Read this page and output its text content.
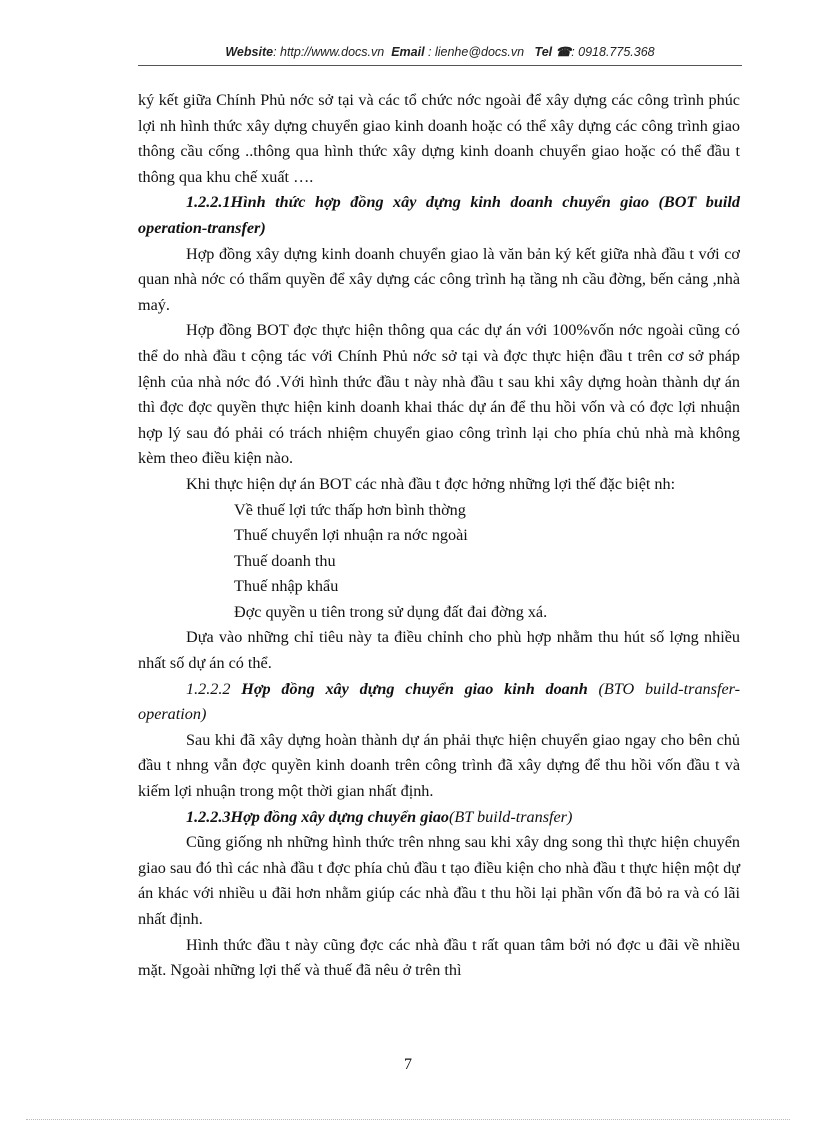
Website: http://www.docs.vn Email : lienhe@docs.vn Tel ☎: 0918.775.368

ký kết giữa Chính Phủ nớc sở tại và các tổ chức nớc ngoài để xây dựng các công trình phúc lợi nh hình thức xây dựng chuyển giao kinh doanh hoặc có thể xây dựng các công trình giao thông cầu cống ..thông qua hình thức xây dựng kinh doanh chuyển giao hoặc có thể đầu t thông qua khu chế xuất ….

1.2.2.1Hình thức hợp đồng xây dựng kinh doanh chuyển giao (BOT build operation-transfer)

Hợp đồng xây dựng kinh doanh chuyển giao là văn bản ký kết giữa nhà đầu t với cơ quan nhà nớc có thẩm quyền để xây dựng các công trình hạ tầng nh cầu đờng, bến cảng ,nhà maý.

Hợp đồng BOT đợc thực hiện thông qua các dự án với 100%vốn nớc ngoài cũng có thể do nhà đầu t cộng tác với Chính Phủ nớc sở tại và đợc thực hiện đầu t trên cơ sở pháp lệnh của nhà nớc đó .Với hình thức đầu t này nhà đầu t sau khi xây dựng hoàn thành dự án thì đợc đợc quyền thực hiện kinh doanh khai thác dự án để thu hồi vốn và có đợc lợi nhuận hợp lý sau đó phải có trách nhiệm chuyển giao công trình lại cho phía chủ nhà mà không kèm theo điều kiện nào.

Khi thực hiện dự án BOT các nhà đầu t đợc hởng những lợi thế đặc biệt nh:

Về thuế lợi tức thấp hơn bình thờng
Thuế chuyển lợi nhuận ra nớc ngoài
Thuế doanh thu
Thuế nhập khẩu
Đợc quyền u tiên trong sử dụng đất đai đờng xá.

Dựa vào những chỉ tiêu này ta điều chỉnh cho phù hợp nhằm thu hút số lợng nhiều nhất số dự án có thể.

1.2.2.2 Hợp đồng xây dựng chuyển giao kinh doanh (BTO build-transfer-operation)

Sau khi đã xây dựng hoàn thành dự án phải thực hiện chuyển giao ngay cho bên chủ đầu t nhng vẫn đợc quyền kinh doanh trên công trình đã xây dựng để thu hồi vốn đầu t và kiếm lợi nhuận trong một thời gian nhất định.

1.2.2.3Hợp đồng xây dựng chuyển giao(BT build-transfer)

Cũng giống nh những hình thức trên nhng sau khi xây dng song thì thực hiện chuyển giao sau đó thì các nhà đầu t đợc phía chủ đầu t tạo điều kiện cho nhà đầu t thực hiện một dự án khác với nhiều u đãi hơn nhằm giúp các nhà đầu t thu hồi lại phần vốn đã bỏ ra và có lãi nhất định.

Hình thức đầu t này cũng đợc các nhà đầu t rất quan tâm bởi nó đợc u đãi về nhiều mặt. Ngoài những lợi thế và thuế đã nêu ở trên thì

7
